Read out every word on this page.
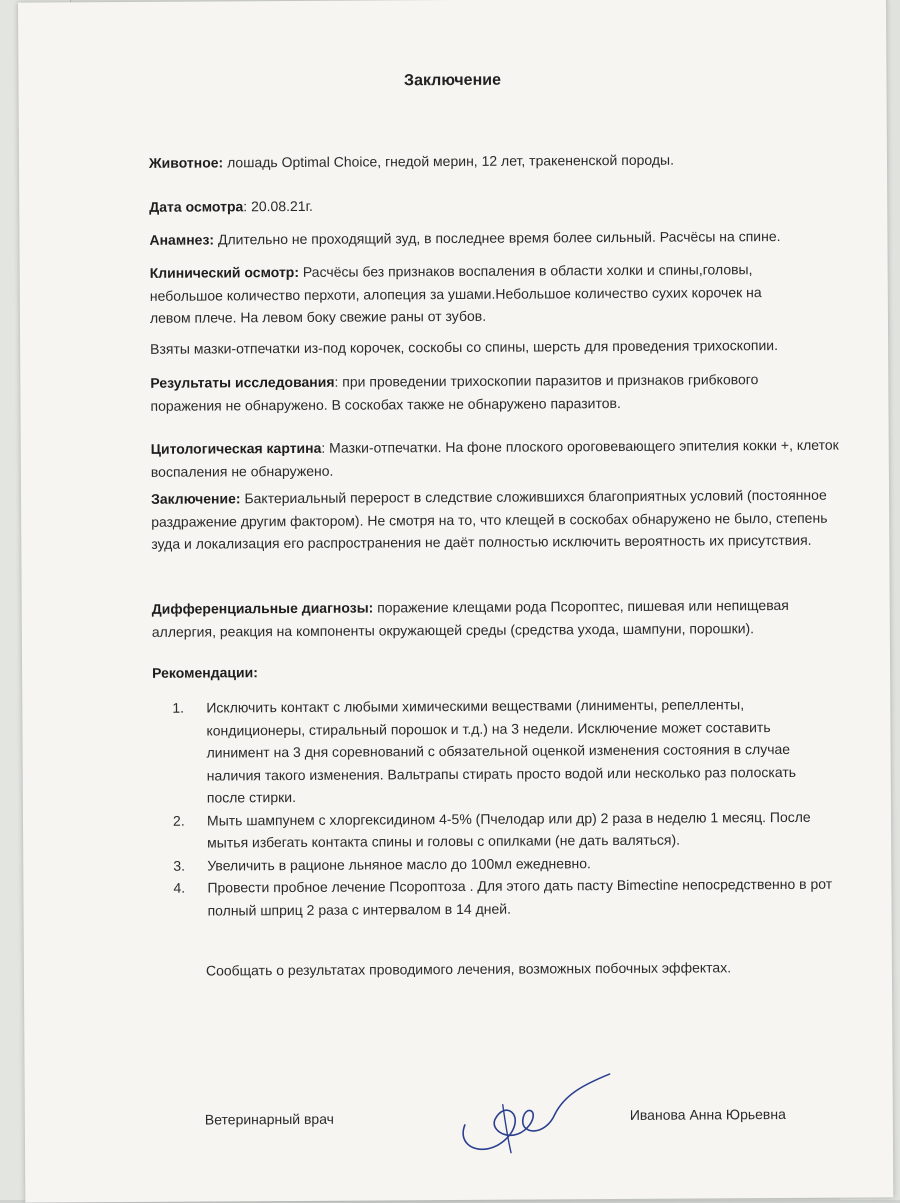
Заключение
Животное: лошадь Optimal Choice, гнедой мерин, 12 лет, тракененской породы.
Дата осмотра: 20.08.21г.
Анамнез: Длительно не проходящий зуд, в последнее время более сильный. Расчёсы на спине.
Клинический осмотр: Расчёсы без признаков воспаления в области холки и спины,головы, небольшое количество перхоти, алопеция за ушами.Небольшое количество сухих корочек на левом плече. На левом боку свежие раны от зубов.
Взяты мазки-отпечатки из-под корочек, соскобы со спины, шерсть для проведения трихоскопии.
Результаты исследования: при проведении трихоскопии паразитов и признаков грибкового поражения не обнаружено. В соскобах также не обнаружено паразитов.
Цитологическая картина: Мазки-отпечатки. На фоне плоского ороговевающего эпителия кокки +, клеток воспаления не обнаружено.
Заключение: Бактериальный перерост в следствие сложившихся благоприятных условий (постоянное раздражение другим фактором). Не смотря на то, что клещей в соскобах обнаружено не было, степень зуда и локализация его распространения не даёт полностью исключить вероятность их присутствия.
Дифференциальные диагнозы: поражение клещами рода Псороптес, пишевая или непищевая аллергия, реакция на компоненты окружающей среды (средства ухода, шампуни, порошки).
Рекомендации:
1. Исключить контакт с любыми химическими веществами (линименты, репелленты, кондиционеры, стиральный порошок и т.д.) на 3 недели. Исключение может составить линимент на 3 дня соревнований с обязательной оценкой изменения состояния в случае наличия такого изменения. Вальтрапы стирать просто водой или несколько раз полоскать после стирки.
2. Мыть шампунем с хлоргексидином 4-5% (Пчелодар или др) 2 раза в неделю 1 месяц. После мытья избегать контакта спины и головы с опилками (не дать валяться).
3. Увеличить в рационе льняное масло до 100мл ежедневно.
4. Провести пробное лечение Псороптоза . Для этого дать пасту Bimectine непосредственно в рот полный шприц 2 раза с интервалом в 14 дней.
Сообщать о результатах проводимого лечения, возможных побочных эффектах.
Ветеринарный врач	Иванова Анна Юрьевна
